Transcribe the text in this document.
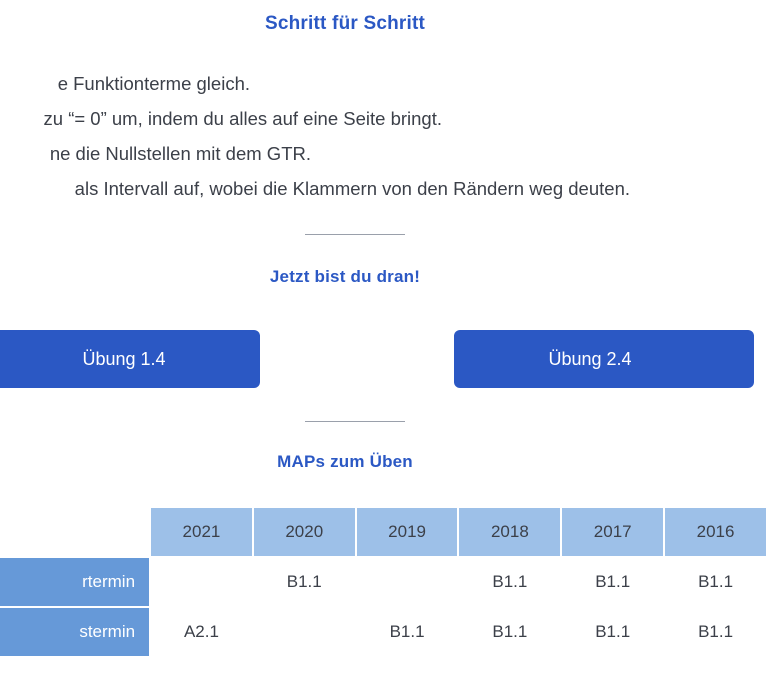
Schritt für Schritt
e Funktionterme gleich.
zu “= 0” um, indem du alles auf eine Seite bringt.
ne die Nullstellen mit dem GTR.
als Intervall auf, wobei die Klammern von den Rändern weg deuten.
Jetzt bist du dran!
Übung 1.4	Übung 2.4
MAPs zum Üben
	2021	2020	2019	2018	2017	2016
rtermin		B1.1		B1.1	B1.1	B1.1
stermin	A2.1		B1.1	B1.1	B1.1	B1.1
